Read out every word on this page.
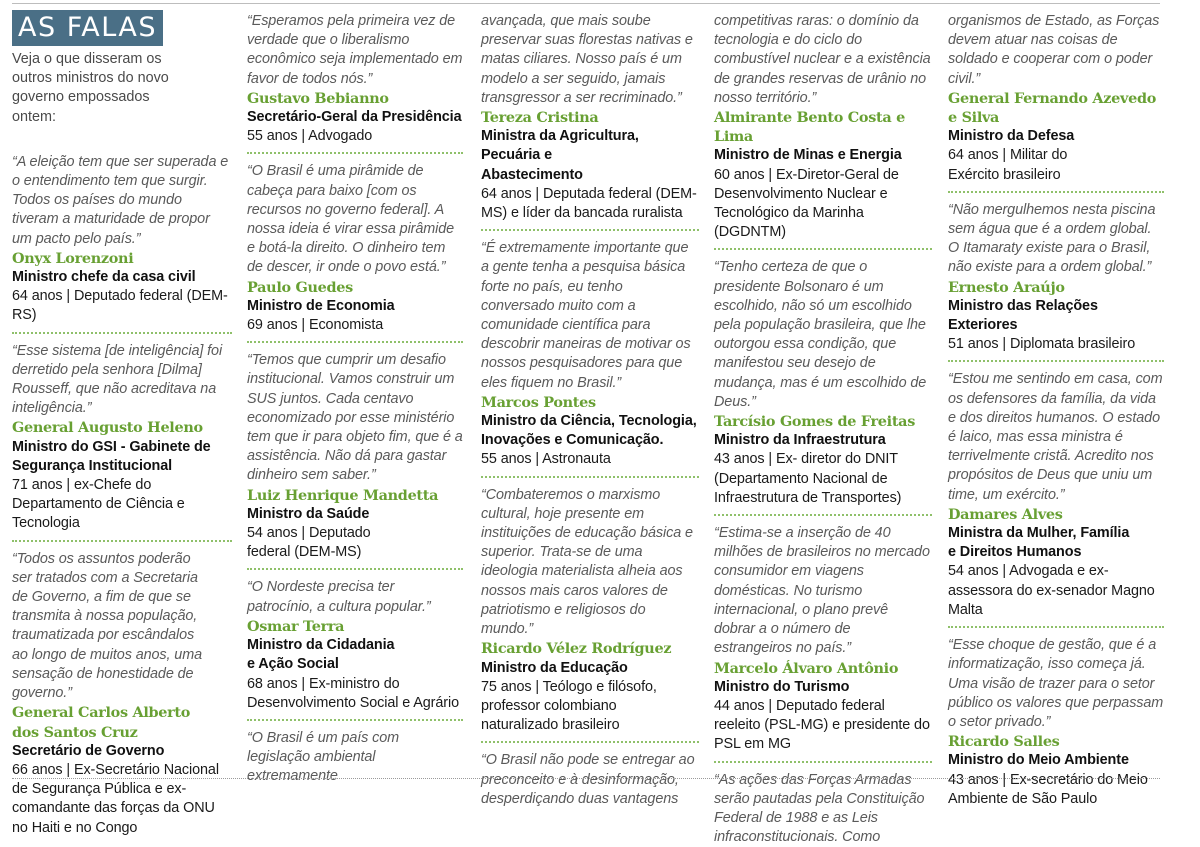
AS FALAS

Veja o que disseram os outros ministros do novo governo empossados ontem:

“A eleição tem que ser superada e o entendimento tem que surgir. Todos os países do mundo tiveram a maturidade de propor um pacto pelo país.”

Onyx Lorenzoni

Ministro chefe da casa civil

64 anos | Deputado federal (DEM-RS)

“Esse sistema [de inteligência] foi derretido pela senhora [Dilma] Rousseff, que não acreditava na inteligência.”

General Augusto Heleno

Ministro do GSI - Gabinete de Segurança Institucional

71 anos | ex-Chefe do Departamento de Ciência e Tecnologia

“Todos os assuntos poderão ser tratados com a Secretaria de Governo, a fim de que se transmita à nossa população, traumatizada por escândalos ao longo de muitos anos, uma sensação de honestidade de governo.”

General Carlos Alberto dos Santos Cruz

Secretário de Governo

66 anos | Ex-Secretário Nacional de Segurança Pública e ex-comandante das forças da ONU no Haiti e no Congo

“Esperamos pela primeira vez de verdade que o liberalismo econômico seja implementado em favor de todos nós.”

Gustavo Bebianno

Secretário-Geral da Presidência

55 anos | Advogado

“O Brasil é uma pirâmide de cabeça para baixo [com os recursos no governo federal]. A nossa ideia é virar essa pirâmide e botá-la direito. O dinheiro tem de descer, ir onde o povo está.”

Paulo Guedes

Ministro de Economia

69 anos | Economista

“Temos que cumprir um desafio institucional. Vamos construir um SUS juntos. Cada centavo economizado por esse ministério tem que ir para objeto fim, que é a assistência. Não dá para gastar dinheiro sem saber.”

Luiz Henrique Mandetta

Ministro da Saúde

54 anos | Deputado federal (DEM-MS)

“O Nordeste precisa ter patrocínio, a cultura popular.”

Osmar Terra

Ministro da Cidadania e Ação Social

68 anos | Ex-ministro do Desenvolvimento Social e Agrário

“O Brasil é um país com legislação ambiental extremamente

avançada, que mais soube preservar suas florestas nativas e matas ciliares. Nosso país é um modelo a ser seguido, jamais transgressor a ser recriminado.”

Tereza Cristina

Ministra da Agricultura, Pecuária e Abastecimento

64 anos | Deputada federal (DEM-MS) e líder da bancada ruralista

“É extremamente importante que a gente tenha a pesquisa básica forte no país, eu tenho conversado muito com a comunidade científica para descobrir maneiras de motivar os nossos pesquisadores para que eles fiquem no Brasil.”

Marcos Pontes

Ministro da Ciência, Tecnologia, Inovações e Comunicação.

55 anos | Astronauta

“Combateremos o marxismo cultural, hoje presente em instituições de educação básica e superior. Trata-se de uma ideologia materialista alheia aos nossos mais caros valores de patriotismo e religiosos do mundo.”

Ricardo Vélez Rodríguez

Ministro da Educação

75 anos | Teólogo e filósofo, professor colombiano naturalizado brasileiro

“O Brasil não pode se entregar ao preconceito e à desinformação, desperdiçando duas vantagens

competitivas raras: o domínio da tecnologia e do ciclo do combustível nuclear e a existência de grandes reservas de urânio no nosso território.”

Almirante Bento Costa e Lima

Ministro de Minas e Energia

60 anos | Ex-Diretor-Geral de Desenvolvimento Nuclear e Tecnológico da Marinha (DGDNTM)

“Tenho certeza de que o presidente Bolsonaro é um escolhido, não só um escolhido pela população brasileira, que lhe outorgou essa condição, que manifestou seu desejo de mudança, mas é um escolhido de Deus.”

Tarcísio Gomes de Freitas

Ministro da Infraestrutura

43 anos | Ex- diretor do DNIT (Departamento Nacional de Infraestrutura de Transportes)

“Estima-se a inserção de 40 milhões de brasileiros no mercado consumidor em viagens domésticas. No turismo internacional, o plano prevê dobrar a o número de estrangeiros no país.”

Marcelo Álvaro Antônio

Ministro do Turismo

44 anos | Deputado federal reeleito (PSL-MG) e presidente do PSL em MG

“As ações das Forças Armadas serão pautadas pela Constituição Federal de 1988 e as Leis infraconstitucionais. Como

organismos de Estado, as Forças devem atuar nas coisas de soldado e cooperar com o poder civil.”

General Fernando Azevedo e Silva

Ministro da Defesa

64 anos | Militar do Exército brasileiro

“Não mergulhemos nesta piscina sem água que é a ordem global. O Itamaraty existe para o Brasil, não existe para a ordem global.”

Ernesto Araújo

Ministro das Relações Exteriores

51 anos | Diplomata brasileiro

“Estou me sentindo em casa, com os defensores da família, da vida e dos direitos humanos. O estado é laico, mas essa ministra é terrivelmente cristã. Acredito nos propósitos de Deus que uniu um time, um exército.”

Damares Alves

Ministra da Mulher, Família e Direitos Humanos

54 anos | Advogada e ex-assessora do ex-senador Magno Malta

“Esse choque de gestão, que é a informatização, isso começa já. Uma visão de trazer para o setor público os valores que perpassam o setor privado.”

Ricardo Salles

Ministro do Meio Ambiente

43 anos | Ex-secretário do Meio Ambiente de São Paulo
